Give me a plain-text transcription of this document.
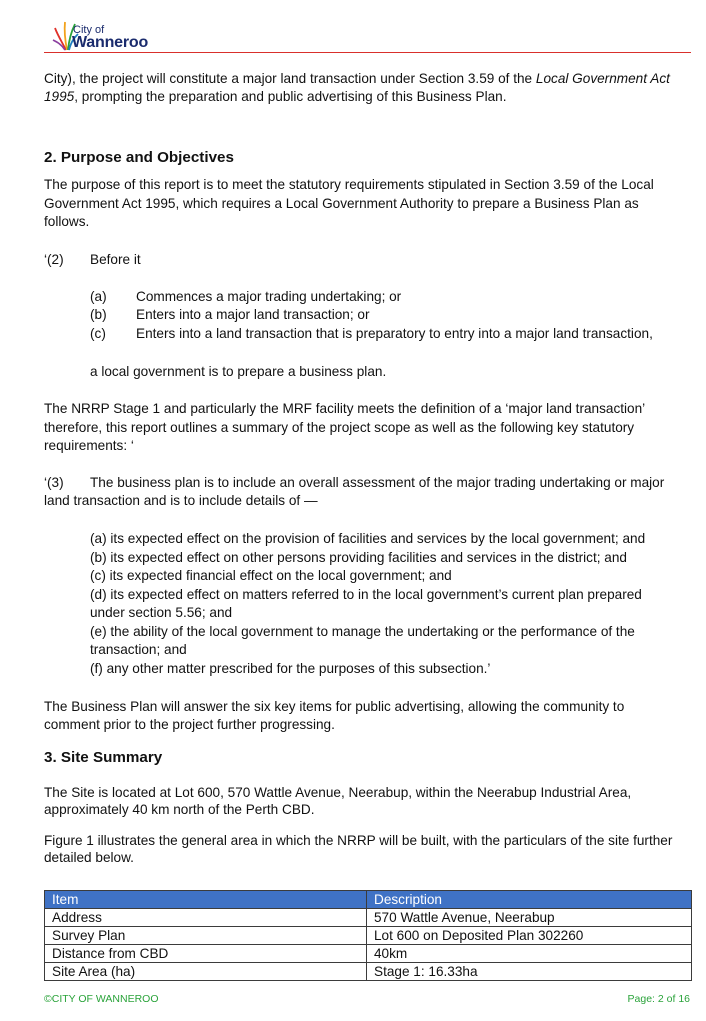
City of
Wanneroo
City), the project will constitute a major land transaction under Section 3.59 of the Local Government Act
1995, prompting the preparation and public advertising of this Business Plan.
2. Purpose and Objectives
The purpose of this report is to meet the statutory requirements stipulated in Section 3.59 of the Local
Government Act 1995, which requires a Local Government Authority to prepare a Business Plan as
follows.
‘(2) Before it
(a) Commences a major trading undertaking; or
(b) Enters into a major land transaction; or
(c) Enters into a land transaction that is preparatory to entry into a major land transaction,
a local government is to prepare a business plan.
The NRRP Stage 1 and particularly the MRF facility meets the definition of a ‘major land transaction’
therefore, this report outlines a summary of the project scope as well as the following key statutory
requirements: ‘
‘(3) The business plan is to include an overall assessment of the major trading undertaking or major
land transaction and is to include details of —
(a) its expected effect on the provision of facilities and services by the local government; and
(b) its expected effect on other persons providing facilities and services in the district; and
(c) its expected financial effect on the local government; and
(d) its expected effect on matters referred to in the local government’s current plan prepared
under section 5.56; and
(e) the ability of the local government to manage the undertaking or the performance of the
transaction; and
(f) any other matter prescribed for the purposes of this subsection.’
The Business Plan will answer the six key items for public advertising, allowing the community to
comment prior to the project further progressing.
3. Site Summary
The Site is located at Lot 600, 570 Wattle Avenue, Neerabup, within the Neerabup Industrial Area,
approximately 40 km north of the Perth CBD.
Figure 1 illustrates the general area in which the NRRP will be built, with the particulars of the site further
detailed below.
Item	Description
Address	570 Wattle Avenue, Neerabup
Survey Plan	Lot 600 on Deposited Plan 302260
Distance from CBD	40km
Site Area (ha)	Stage 1: 16.33ha
©CITY OF WANNEROO	Page: 2 of 16
